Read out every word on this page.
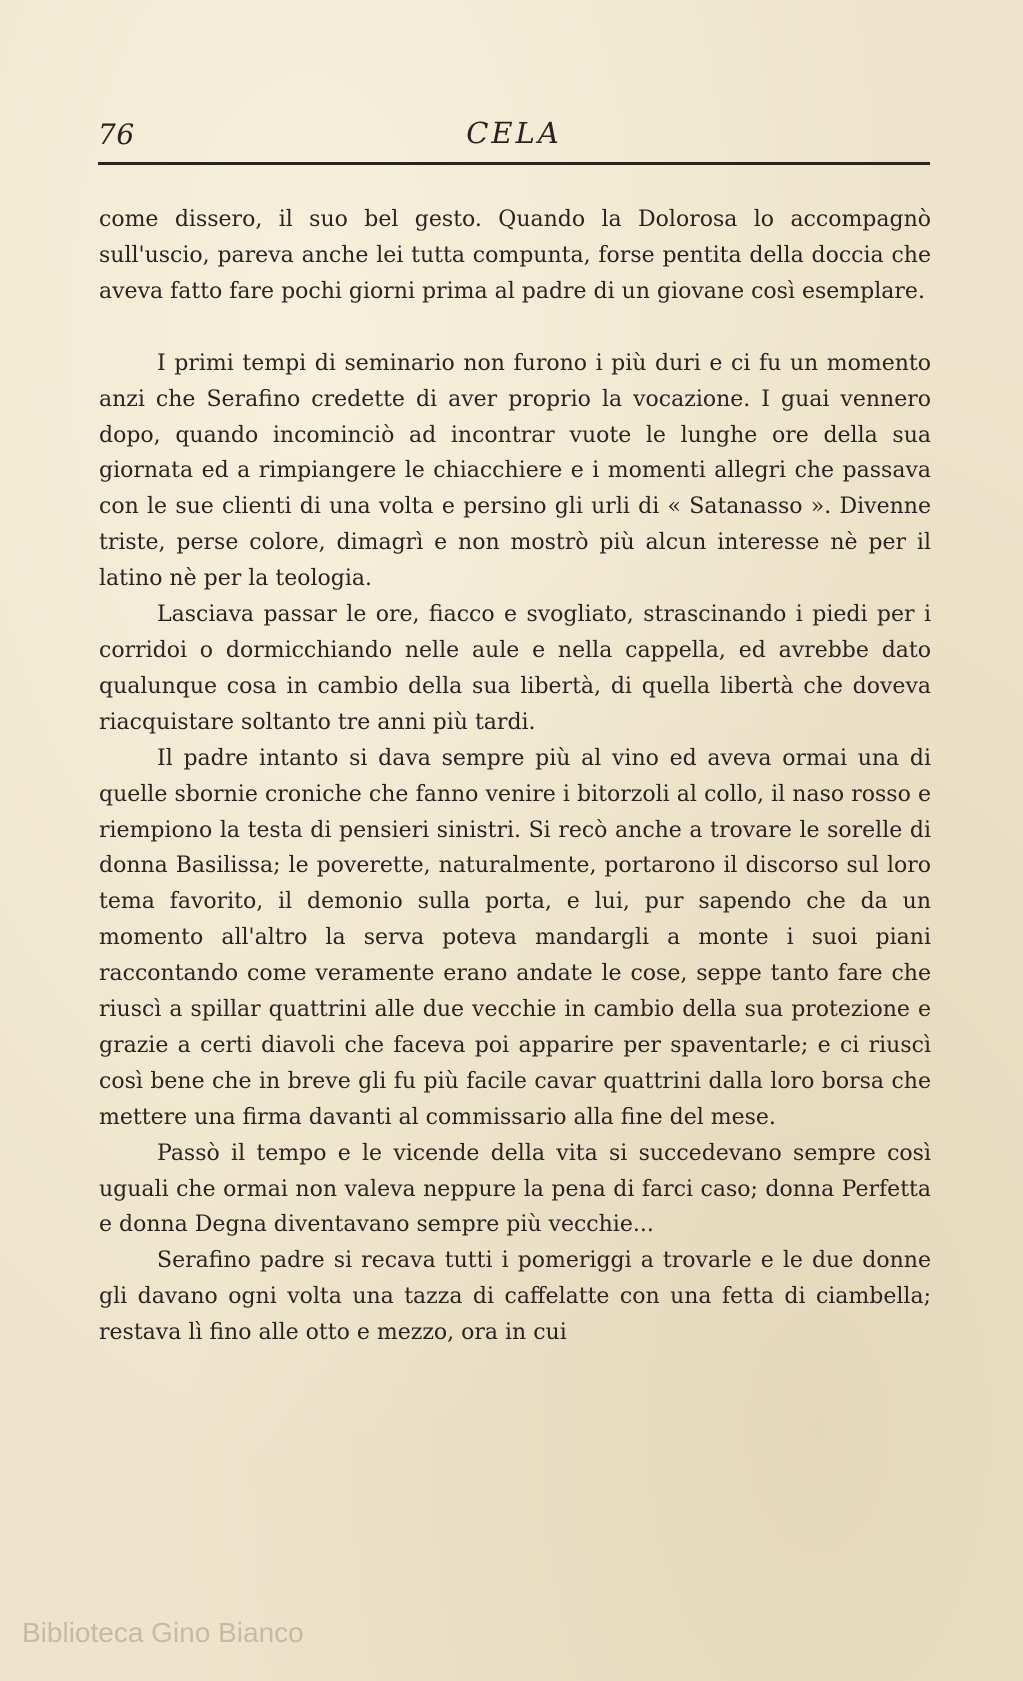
76	CELA

come dissero, il suo bel gesto. Quando la Dolorosa lo accompagnò sull'uscio, pareva anche lei tutta compunta, forse pentita della doccia che aveva fatto fare pochi giorni prima al padre di un giovane così esemplare.

I primi tempi di seminario non furono i più duri e ci fu un momento anzi che Serafino credette di aver proprio la vocazione. I guai vennero dopo, quando incominciò ad incontrar vuote le lunghe ore della sua giornata ed a rimpiangere le chiacchiere e i momenti allegri che passava con le sue clienti di una volta e persino gli urli di « Satanasso ». Divenne triste, perse colore, dimagrì e non mostrò più alcun interesse nè per il latino nè per la teologia.

Lasciava passar le ore, fiacco e svogliato, strascinando i piedi per i corridoi o dormicchiando nelle aule e nella cappella, ed avrebbe dato qualunque cosa in cambio della sua libertà, di quella libertà che doveva riacquistare soltanto tre anni più tardi.

Il padre intanto si dava sempre più al vino ed aveva ormai una di quelle sbornie croniche che fanno venire i bitorzoli al collo, il naso rosso e riempiono la testa di pensieri sinistri. Si recò anche a trovare le sorelle di donna Basilissa; le poverette, naturalmente, portarono il discorso sul loro tema favorito, il demonio sulla porta, e lui, pur sapendo che da un momento all'altro la serva poteva mandargli a monte i suoi piani raccontando come veramente erano andate le cose, seppe tanto fare che riuscì a spillar quattrini alle due vecchie in cambio della sua protezione e grazie a certi diavoli che faceva poi apparire per spaventarle; e ci riuscì così bene che in breve gli fu più facile cavar quattrini dalla loro borsa che mettere una firma davanti al commissario alla fine del mese.

Passò il tempo e le vicende della vita si succedevano sempre così uguali che ormai non valeva neppure la pena di farci caso; donna Perfetta e donna Degna diventavano sempre più vecchie...

Serafino padre si recava tutti i pomeriggi a trovarle e le due donne gli davano ogni volta una tazza di caffelatte con una fetta di ciambella; restava lì fino alle otto e mezzo, ora in cui

Biblioteca Gino Bianco
